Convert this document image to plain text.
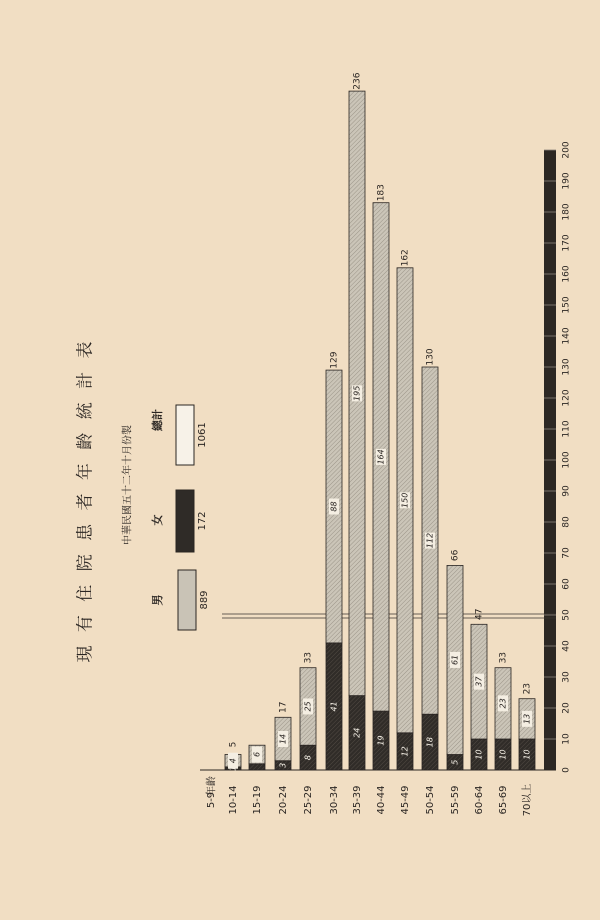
0
10
20
30
40
50
60
70
80
90
100
110
120
130
140
150
160
170
180
190
200
年齡
5-9 10-14
4
5
15-19
6
20-24
3
14
17
25-29
8
25
33
30-34
41
88
129
35-39
24
195
236
40-44
19
164
183
45-49
12
150
162
50-54
18
112
130
55-59
5
61
66
60-64
10
37
47
65-69
10
23
33
70以上
10
13
23
現 有 住 院 患 者 年 齡 統 計 表	中華民國五十二年十月份製
男	889
女	172
總計
1061
